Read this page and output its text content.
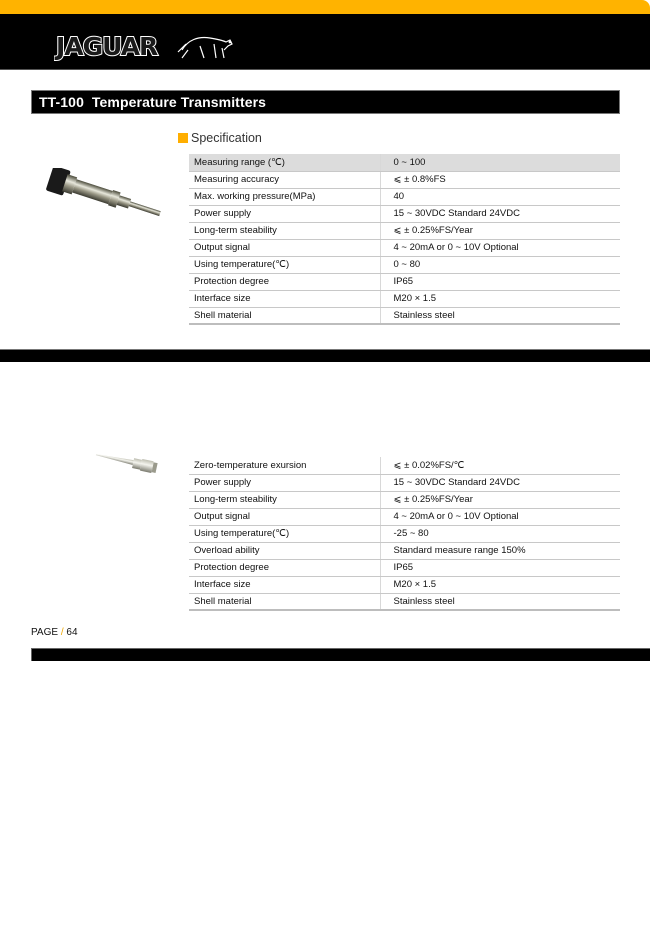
JAGUAR
TT-100  Temperature Transmitters
Specification
Measuring range (℃)	0 ~ 100
Measuring accuracy	⩽ ± 0.8%FS
Max. working pressure(MPa)	40
Power supply	15 ~ 30VDC Standard 24VDC
Long-term steability	⩽ ± 0.25%FS/Year
Output signal	4 ~ 20mA or 0 ~ 10V Optional
Using temperature(℃)	0 ~ 80
Protection degree	IP65
Interface size	M20 × 1.5
Shell material	Stainless steel
Zero-temperature exursion	⩽ ± 0.02%FS/℃
Power supply	15 ~ 30VDC Standard 24VDC
Long-term steability	⩽ ± 0.25%FS/Year
Output signal	4 ~ 20mA or 0 ~ 10V Optional
Using temperature(℃)	-25 ~ 80
Overload ability	Standard measure range 150%
Protection degree	IP65
Interface size	M20 × 1.5
Shell material	Stainless steel
PAGE / 64
